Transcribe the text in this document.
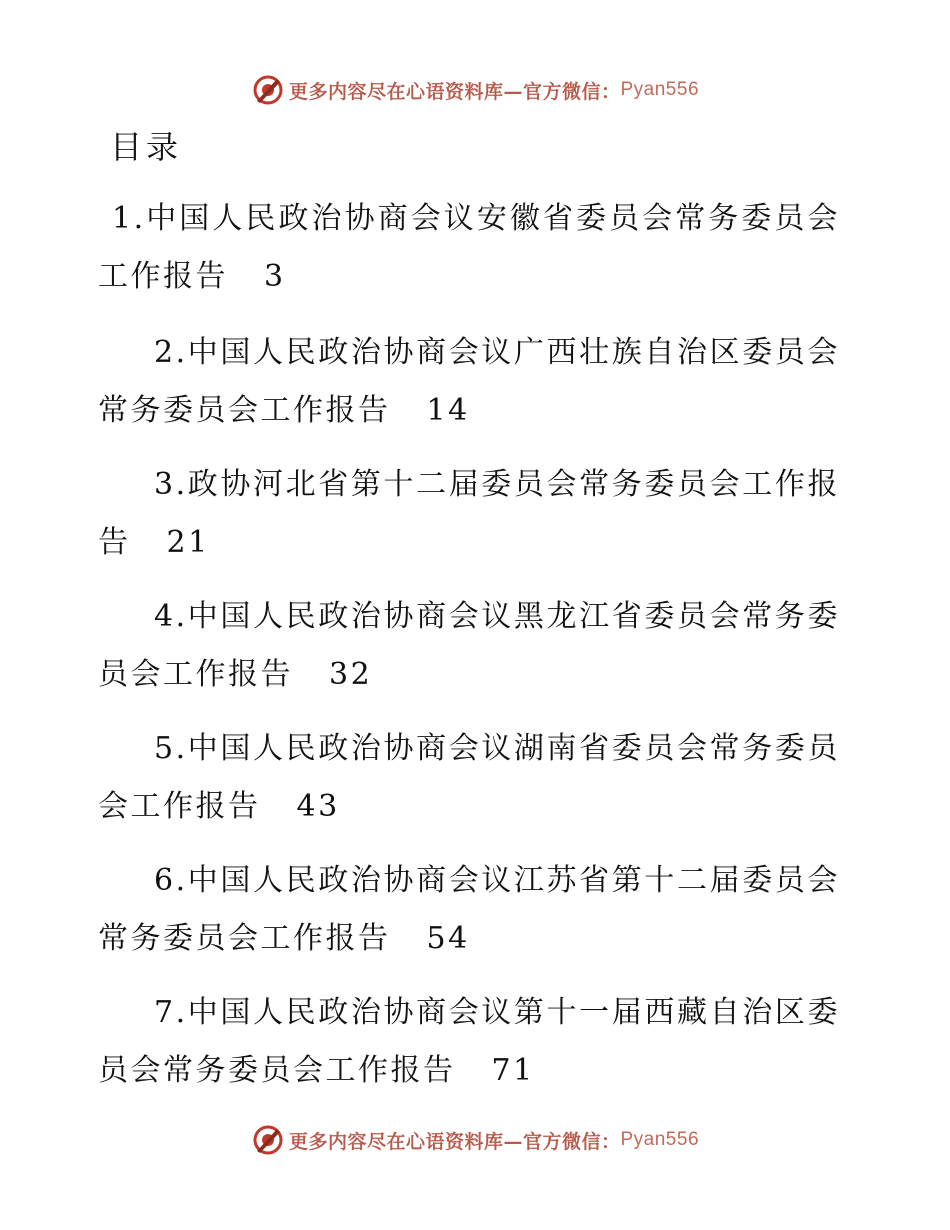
更多内容尽在心语资料库—官方微信： Pyan556
目录
1.中国人民政治协商会议安徽省委员会常务委员会工作报告 3
2.中国人民政治协商会议广西壮族自治区委员会常务委员会工作报告 14
3.政协河北省第十二届委员会常务委员会工作报告 21
4.中国人民政治协商会议黑龙江省委员会常务委员会工作报告 32
5.中国人民政治协商会议湖南省委员会常务委员会工作报告 43
6.中国人民政治协商会议江苏省第十二届委员会常务委员会工作报告 54
7.中国人民政治协商会议第十一届西藏自治区委员会常务委员会工作报告 71
更多内容尽在心语资料库—官方微信： Pyan556
